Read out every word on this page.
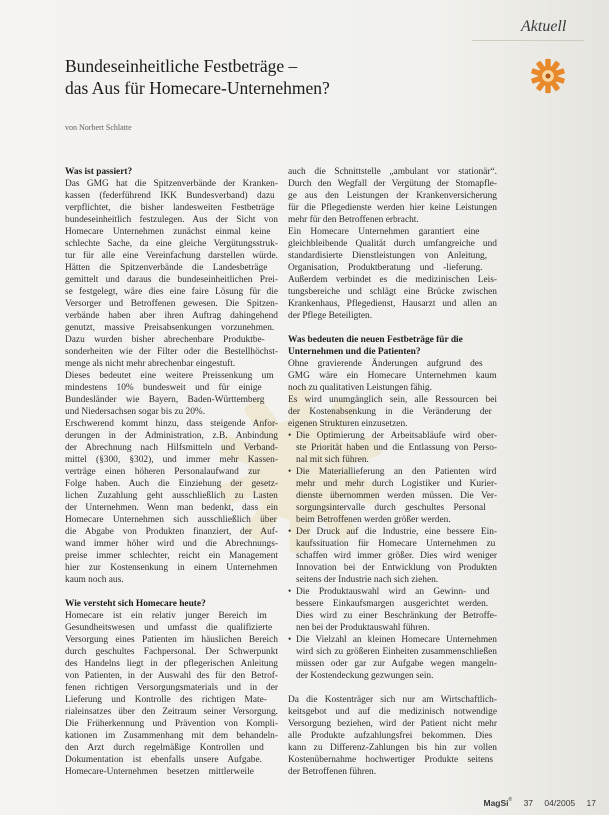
Aktuell
Bundeseinheitliche Festbeträge –
das Aus für Homecare-Unternehmen?
von Norbert Schlatte
Was ist passiert?
Das GMG hat die Spitzenverbände der Kranken-
kassen (federführend IKK Bundesverband) dazu
verpflichtet, die bisher landesweiten Festbeträge
bundeseinheitlich festzulegen. Aus der Sicht von
Homecare Unternehmen zunächst einmal keine
schlechte Sache, da eine gleiche Vergütungsstruk-
tur für alle eine Vereinfachung darstellen würde.
Hätten die Spitzenverbände die Landesbeträge
gemittelt und daraus die bundeseinheitlichen Prei-
se festgelegt, wäre dies eine faire Lösung für die
Versorger und Betroffenen gewesen. Die Spitzen-
verbände haben aber ihren Auftrag dahingehend
genutzt, massive Preisabsenkungen vorzunehmen.
Dazu wurden bisher abrechenbare Produktbe-
sonderheiten wie der Filter oder die Bestellhöchst-
menge als nicht mehr abrechenbar eingestuft.
Dieses bedeutet eine weitere Preissenkung um
mindestens 10% bundesweit und für einige
Bundesländer wie Bayern, Baden-Württemberg
und Niedersachsen sogar bis zu 20%.
Erschwerend kommt hinzu, dass steigende Anfor-
derungen in der Administration, z.B. Anbindung
der Abrechnung nach Hilfsmitteln und Verband-
mittel (§300, §302), und immer mehr Kassen-
verträge einen höheren Personalaufwand zur
Folge haben. Auch die Einziehung der gesetz-
lichen Zuzahlung geht ausschließlich zu Lasten
der Unternehmen. Wenn man bedenkt, dass ein
Homecare Unternehmen sich ausschließlich über
die Abgabe von Produkten finanziert, der Auf-
wand immer höher wird und die Abrechnungs-
preise immer schlechter, reicht ein Management
hier zur Kostensenkung in einem Unternehmen
kaum noch aus.
Wie versteht sich Homecare heute?
Homecare ist ein relativ junger Bereich im
Gesundheitswesen und umfasst die qualifizierte
Versorgung eines Patienten im häuslichen Bereich
durch geschultes Fachpersonal. Der Schwerpunkt
des Handelns liegt in der pflegerischen Anleitung
von Patienten, in der Auswahl des für den Betrof-
fenen richtigen Versorgungsmaterials und in der
Lieferung und Kontrolle des richtigen Mate-
rialeinsatzes über den Zeitraum seiner Versorgung.
Die Früherkennung und Prävention von Kompli-
kationen im Zusammenhang mit dem behandeln-
den Arzt durch regelmäßige Kontrollen und
Dokumentation ist ebenfalls unsere Aufgabe.
Homecare-Unternehmen besetzen mittlerweile
auch die Schnittstelle „ambulant vor stationär“.
Durch den Wegfall der Vergütung der Stomapfle-
ge aus den Leistungen der Krankenversicherung
für die Pflegedienste werden hier keine Leistungen
mehr für den Betroffenen erbracht.
Ein Homecare Unternehmen garantiert eine
gleichbleibende Qualität durch umfangreiche und
standardisierte Dienstleistungen von Anleitung,
Organisation, Produktberatung und -lieferung.
Außerdem verbindet es die medizinischen Leis-
tungsbereiche und schlägt eine Brücke zwischen
Krankenhaus, Pflegedienst, Hausarzt und allen an
der Pflege Beteiligten.
Was bedeuten die neuen Festbeträge für die
Unternehmen und die Patienten?
Ohne gravierende Änderungen aufgrund des
GMG wäre ein Homecare Unternehmen kaum
noch zu qualitativen Leistungen fähig.
Es wird unumgänglich sein, alle Ressourcen bei
der Kostenabsenkung in die Veränderung der
eigenen Strukturen einzusetzen.
• Die Optimierung der Arbeitsabläufe wird ober-
ste Priorität haben und die Entlassung von Perso-
nal mit sich führen.
• Die Materiallieferung an den Patienten wird
mehr und mehr durch Logistiker und Kurier-
dienste übernommen werden müssen. Die Ver-
sorgungsintervalle durch geschultes Personal
beim Betroffenen werden größer werden.
• Der Druck auf die Industrie, eine bessere Ein-
kaufssituation für Homecare Unternehmen zu
schaffen wird immer größer. Dies wird weniger
Innovation bei der Entwicklung von Produkten
seitens der Industrie nach sich ziehen.
• Die Produktauswahl wird an Gewinn- und
bessere Einkaufsmargen ausgerichtet werden.
Dies wird zu einer Beschränkung der Betroffe-
nen bei der Produktauswahl führen.
• Die Vielzahl an kleinen Homecare Unternehmen
wird sich zu größeren Einheiten zusammenschließen
müssen oder gar zur Aufgabe wegen mangeln-
der Kostendeckung gezwungen sein.
Da die Kostenträger sich nur am Wirtschaftlich-
keitsgebot und auf die medizinisch notwendige
Versorgung beziehen, wird der Patient nicht mehr
alle Produkte aufzahlungsfrei bekommen. Dies
kann zu Differenz-Zahlungen bis hin zur vollen
Kostenübernahme hochwertiger Produkte seitens
der Betroffenen führen.
MagSi® 37 04/2005 17
